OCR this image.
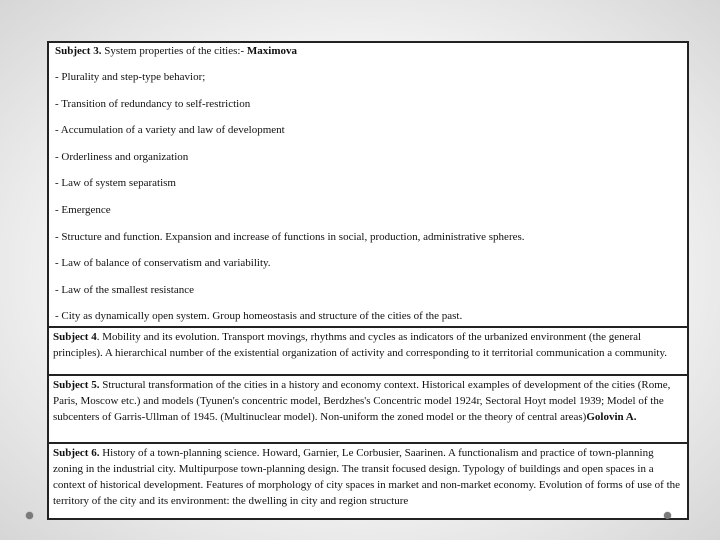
Subject 3. System properties of the cities:- Maximova
- Plurality and step-type behavior;
- Transition of redundancy to self-restriction
- Accumulation of a variety and law of development
- Orderliness and organization
- Law of system separatism
- Emergence
- Structure and function. Expansion and increase of functions in social, production, administrative spheres.
- Law of balance of conservatism and variability.
- Law of the smallest resistance
- City as dynamically open system. Group homeostasis and structure of the cities of the past.

Subject 4. Mobility and its evolution. Transport movings, rhythms and cycles as indicators of the urbanized environment (the general principles). A hierarchical number of the existential organization of activity and corresponding to it territorial communication a community.

Subject 5. Structural transformation of the cities in a history and economy context. Historical examples of development of the cities (Rome, Paris, Moscow etc.) and models (Tyunen's concentric model, Berdzhes's Concentric model 1924г, Sectoral Hoyt model 1939; Model of the subcenters of Garris-Ullman of 1945. (Multinuclear model). Non-uniform the zoned model or the theory of central areas)Golovin A.

Subject 6. History of a town-planning science. Howard, Garnier, Le Corbusier, Saarinen. A functionalism and practice of town-planning zoning in the industrial city. Multipurpose town-planning design. The transit focused design. Typology of buildings and open spaces in a context of historical development. Features of morphology of city spaces in market and non-market economy. Evolution of forms of use of the territory of the city and its environment: the dwelling in city and region structure
